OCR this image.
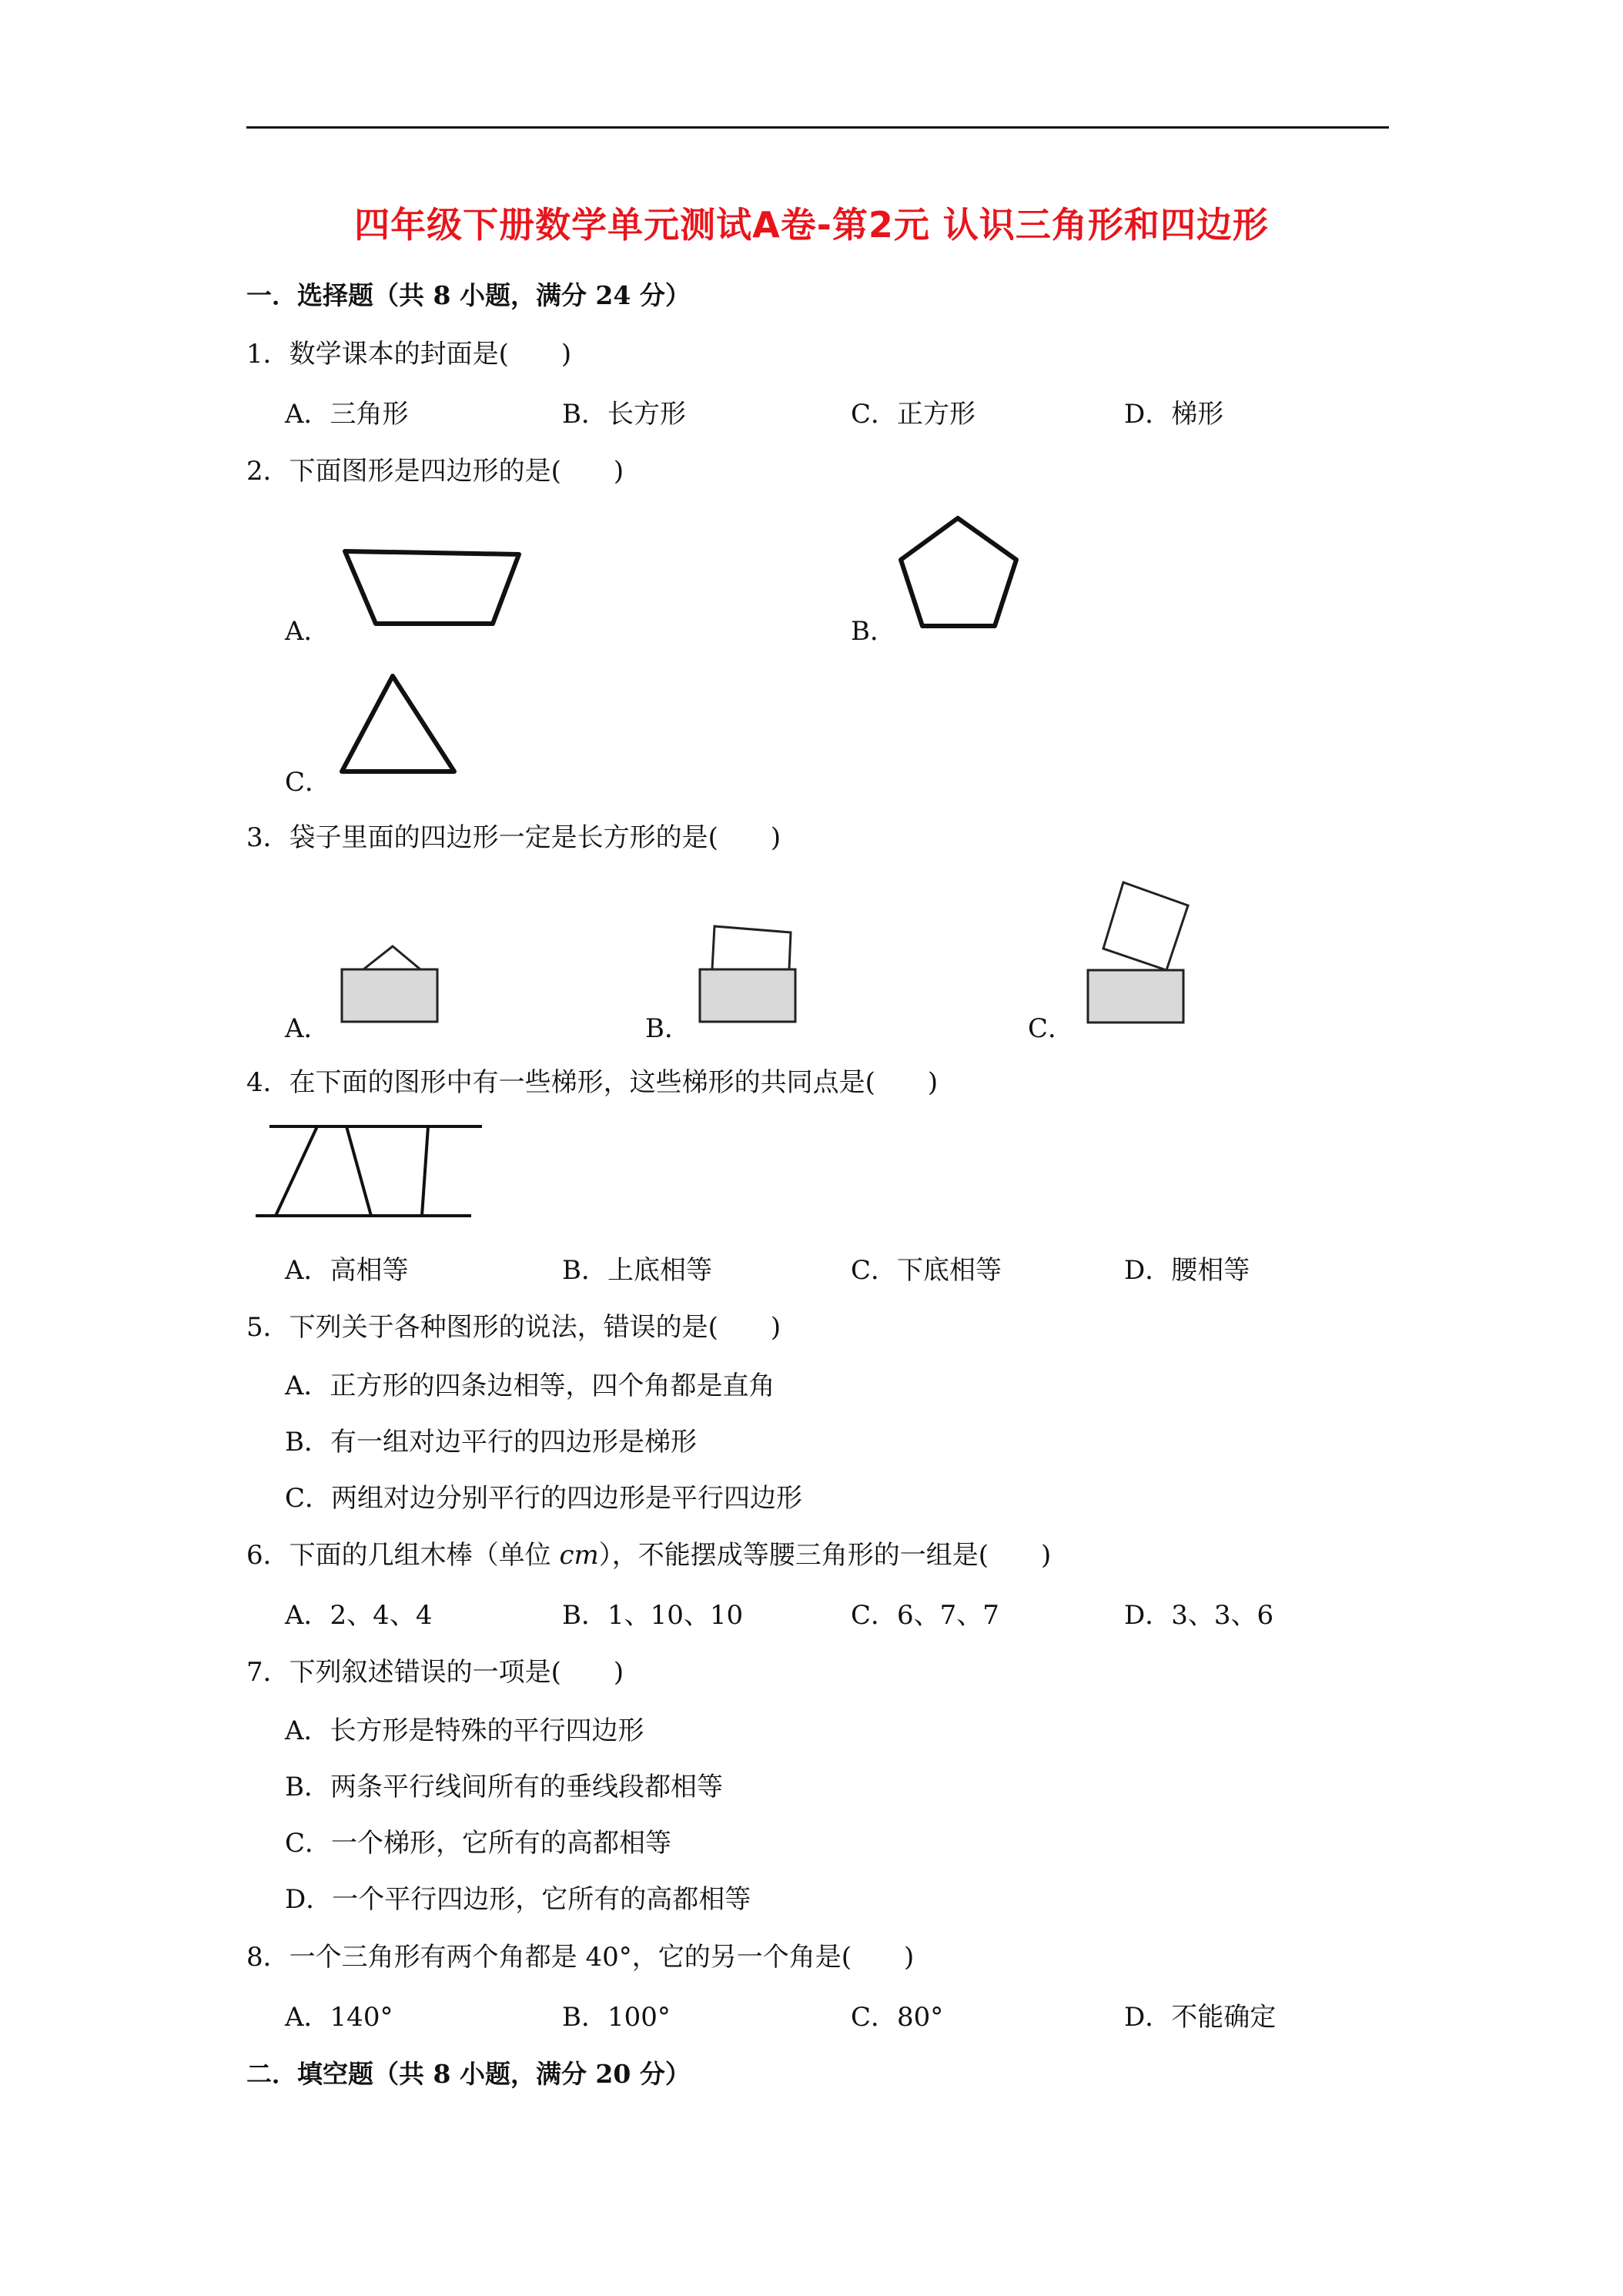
四年级下册数学单元测试A卷-第2元 认识三角形和四边形
一．选择题（共 8 小题，满分 24 分）
1．数学课本的封面是(　　)
A．三角形	B．长方形	C．正方形	D．梯形
2．下面图形是四边形的是(　　)
A．	B．
C．
3．袋子里面的四边形一定是长方形的是(　　)
A．	B．	C．
4．在下面的图形中有一些梯形，这些梯形的共同点是(　　)
A．高相等	B．上底相等	C．下底相等	D．腰相等
5．下列关于各种图形的说法，错误的是(　　)
A．正方形的四条边相等，四个角都是直角
B．有一组对边平行的四边形是梯形
C．两组对边分别平行的四边形是平行四边形
6．下面的几组木棒（单位 cm），不能摆成等腰三角形的一组是(　　)
A．2、4、4	B．1、10、10	C．6、7、7	D．3、3、6
7．下列叙述错误的一项是(　　)
A．长方形是特殊的平行四边形
B．两条平行线间所有的垂线段都相等
C．一个梯形，它所有的高都相等
D．一个平行四边形，它所有的高都相等
8．一个三角形有两个角都是 40°，它的另一个角是(　　)
A．140°	B．100°	C．80°	D．不能确定
二．填空题（共 8 小题，满分 20 分）
